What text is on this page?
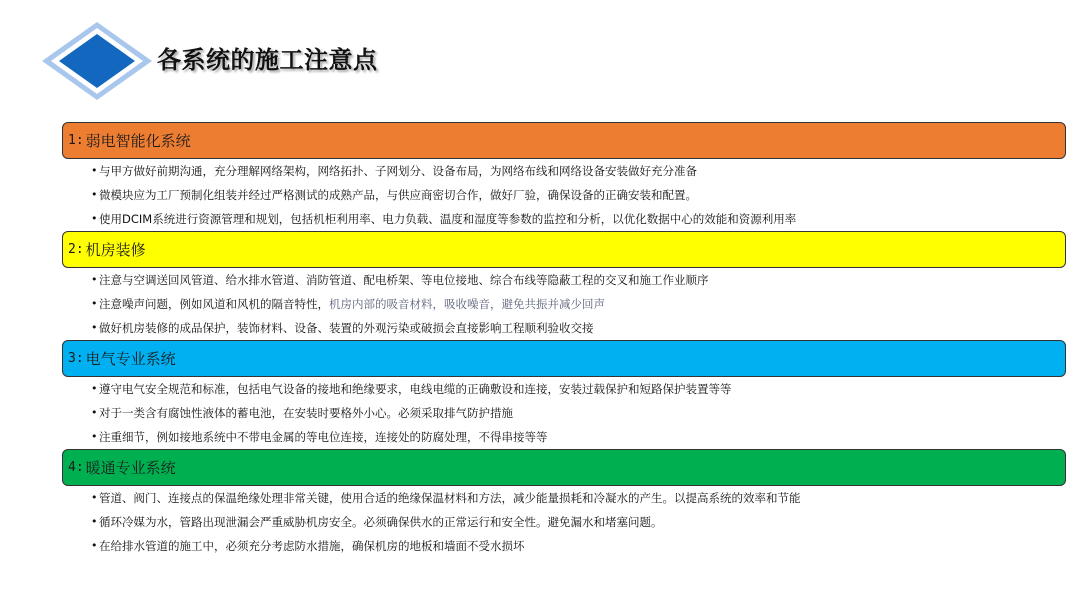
各系统的施工注意点
1: 弱电智能化系统
• 与甲方做好前期沟通，充分理解网络架构，网络拓扑、子网划分、设备布局，为网络布线和网络设备安装做好充分准备
• 微模块应为工厂预制化组装并经过严格测试的成熟产品，与供应商密切合作，做好厂验，确保设备的正确安装和配置。
• 使用DCIM系统进行资源管理和规划，包括机柜利用率、电力负载、温度和湿度等参数的监控和分析，以优化数据中心的效能和资源利用率
2: 机房装修
• 注意与空调送回风管道、给水排水管道、消防管道、配电桥架、等电位接地、综合布线等隐蔽工程的交叉和施工作业顺序
• 注意噪声问题，例如风道和风机的隔音特性，机房内部的吸音材料，吸收噪音，避免共振并减少回声
• 做好机房装修的成品保护，装饰材料、设备、装置的外观污染或破损会直接影响工程顺利验收交接
3: 电气专业系统
• 遵守电气安全规范和标准，包括电气设备的接地和绝缘要求，电线电缆的正确敷设和连接，安装过载保护和短路保护装置等等
• 对于一类含有腐蚀性液体的蓄电池，在安装时要格外小心。必须采取排气防护措施
• 注重细节，例如接地系统中不带电金属的等电位连接，连接处的防腐处理，不得串接等等
4: 暖通专业系统
• 管道、阀门、连接点的保温绝缘处理非常关键，使用合适的绝缘保温材料和方法，减少能量损耗和冷凝水的产生。以提高系统的效率和节能
• 循环冷媒为水，管路出现泄漏会严重威胁机房安全。必须确保供水的正常运行和安全性。避免漏水和堵塞问题。
• 在给排水管道的施工中，必须充分考虑防水措施，确保机房的地板和墙面不受水损坏
